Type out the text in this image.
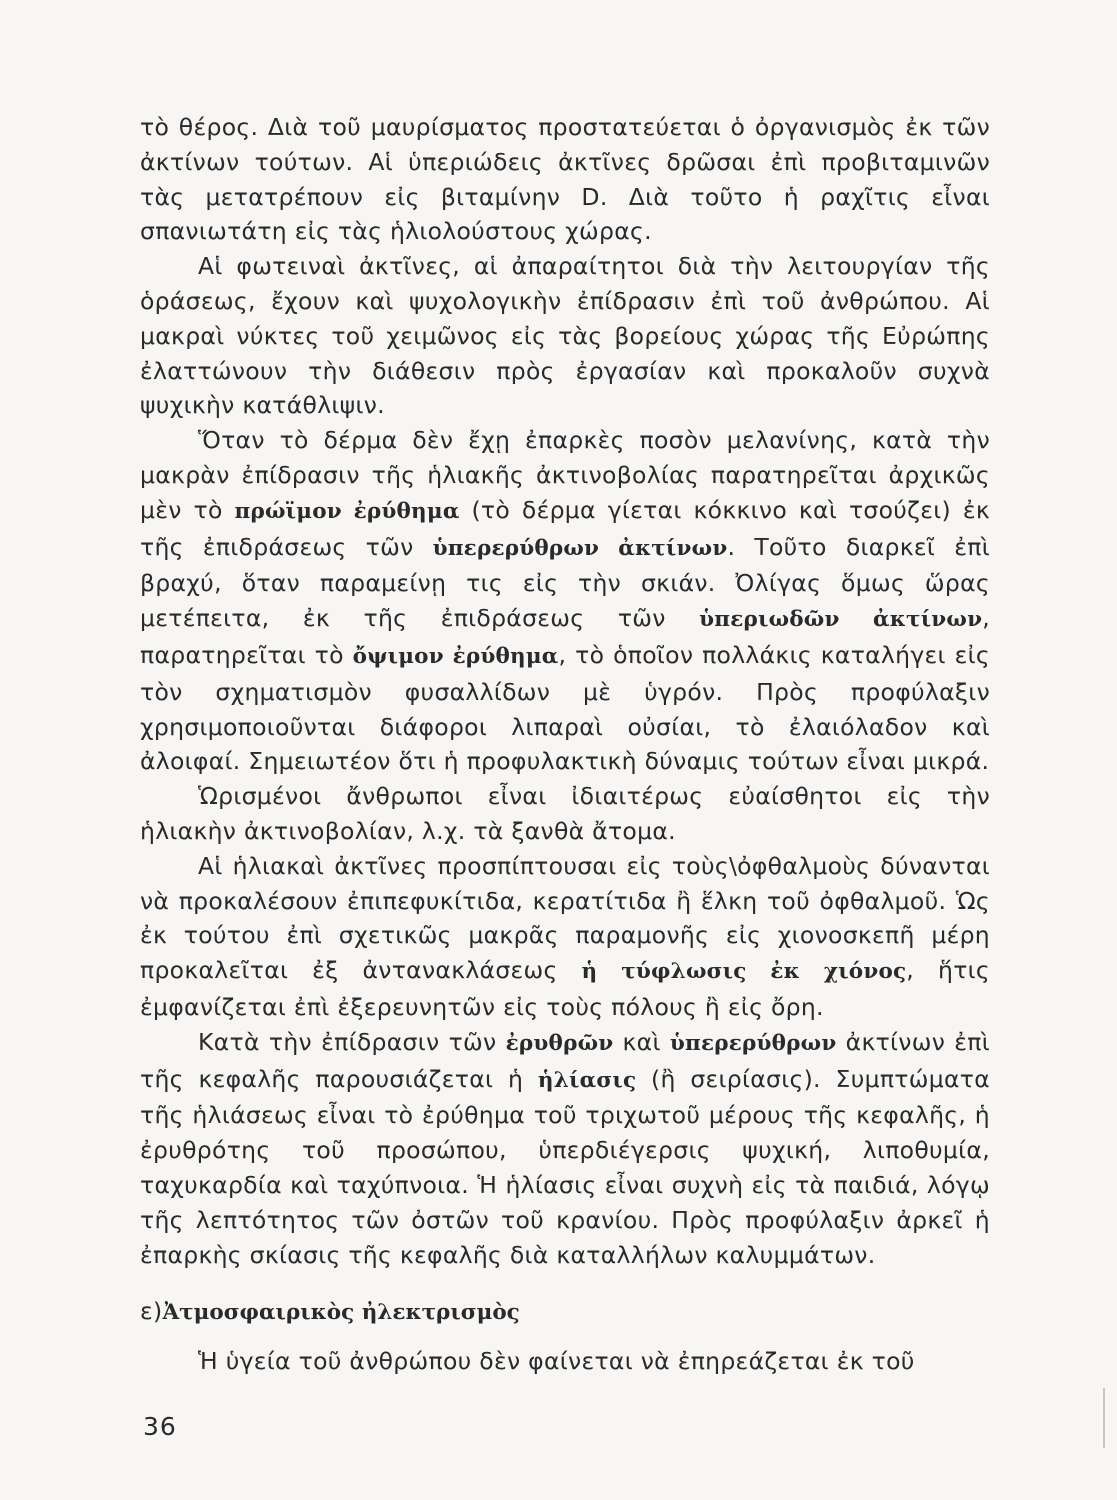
τὸ θέρος. Διὰ τοῦ μαυρίσματος προστατεύεται ὁ ὀργανισμὸς ἐκ τῶν ἀκτίνων τούτων. Αἱ ὑπεριώδεις ἀκτῖνες δρῶσαι ἐπὶ προβιταμινῶν τὰς μετατρέπουν εἰς βιταμίνην D. Διὰ τοῦτο ἡ ραχῖτις εἶναι σπανιωτάτη εἰς τὰς ἡλιολούστους χώρας.

Αἱ φωτειναὶ ἀκτῖνες, αἱ ἀπαραίτητοι διὰ τὴν λειτουργίαν τῆς ὁράσεως, ἔχουν καὶ ψυχολογικὴν ἐπίδρασιν ἐπὶ τοῦ ἀνθρώπου. Αἱ μακραὶ νύκτες τοῦ χειμῶνος εἰς τὰς βορείους χώρας τῆς Εὐρώπης ἐλαττώνουν τὴν διάθεσιν πρὸς ἐργασίαν καὶ προκαλοῦν συχνὰ ψυχικὴν κατάθλιψιν.

Ὅταν τὸ δέρμα δὲν ἔχῃ ἐπαρκὲς ποσὸν μελανίνης, κατὰ τὴν μακρὰν ἐπίδρασιν τῆς ἡλιακῆς ἀκτινοβολίας παρατηρεῖται ἀρχικῶς μὲν τὸ πρώϊμον ἐρύθημα (τὸ δέρμα γίεται κόκκινο καὶ τσούζει) ἐκ τῆς ἐπιδράσεως τῶν ὑπερερύθρων ἀκτίνων. Τοῦτο διαρκεῖ ἐπὶ βραχύ, ὅταν παραμείνῃ τις εἰς τὴν σκιάν. Ὀλίγας ὅμως ὥρας μετέπειτα, ἐκ τῆς ἐπιδράσεως τῶν ὑπεριωδῶν ἀκτίνων, παρατηρεῖται τὸ ὄψιμον ἐρύθημα, τὸ ὁποῖον πολλάκις καταλήγει εἰς τὸν σχηματισμὸν φυσαλλίδων μὲ ὑγρόν. Πρὸς προφύλαξιν χρησιμοποιοῦνται διάφοροι λιπαραὶ οὐσίαι, τὸ ἐλαιόλαδον καὶ ἀλοιφαί. Σημειωτέον ὅτι ἡ προφυλακτικὴ δύναμις τούτων εἶναι μικρά.

Ὡρισμένοι ἄνθρωποι εἶναι ἰδιαιτέρως εὐαίσθητοι εἰς τὴν ἡλιακὴν ἀκτινοβολίαν, λ.χ. τὰ ξανθὰ ἄτομα.

Αἱ ἡλιακαὶ ἀκτῖνες προσπίπτουσαι εἰς τοὺς\ὀφθαλμοὺς δύνανται νὰ προκαλέσουν ἐπιπεφυκίτιδα, κερατίτιδα ἢ ἕλκη τοῦ ὀφθαλμοῦ. Ὡς ἐκ τούτου ἐπὶ σχετικῶς μακρᾶς παραμονῆς εἰς χιονοσκεπῆ μέρη προκαλεῖται ἐξ ἀντανακλάσεως ἡ τύφλωσις ἐκ χιόνος, ἥτις ἐμφανίζεται ἐπὶ ἐξερευνητῶν εἰς τοὺς πόλους ἢ εἰς ὄρη.

Κατὰ τὴν ἐπίδρασιν τῶν ἐρυθρῶν καὶ ὑπερερύθρων ἀκτίνων ἐπὶ τῆς κεφαλῆς παρουσιάζεται ἡ ἡλίασις (ἢ σειρίασις). Συμπτώματα τῆς ἡλιάσεως εἶναι τὸ ἐρύθημα τοῦ τριχωτοῦ μέρους τῆς κεφαλῆς, ἡ ἐρυθρότης τοῦ προσώπου, ὑπερδιέγερσις ψυχική, λιποθυμία, ταχυκαρδία καὶ ταχύπνοια. Ἡ ἡλίασις εἶναι συχνὴ εἰς τὰ παιδιά, λόγῳ τῆς λεπτότητος τῶν ὀστῶν τοῦ κρανίου. Πρὸς προφύλαξιν ἀρκεῖ ἡ ἐπαρκὴς σκίασις τῆς κεφαλῆς διὰ καταλλήλων καλυμμάτων.

ε)Ἀτμοσφαιρικὸς ἠλεκτρισμὸς

Ἡ ὑγεία τοῦ ἀνθρώπου δὲν φαίνεται νὰ ἐπηρεάζεται ἐκ τοῦ

36
